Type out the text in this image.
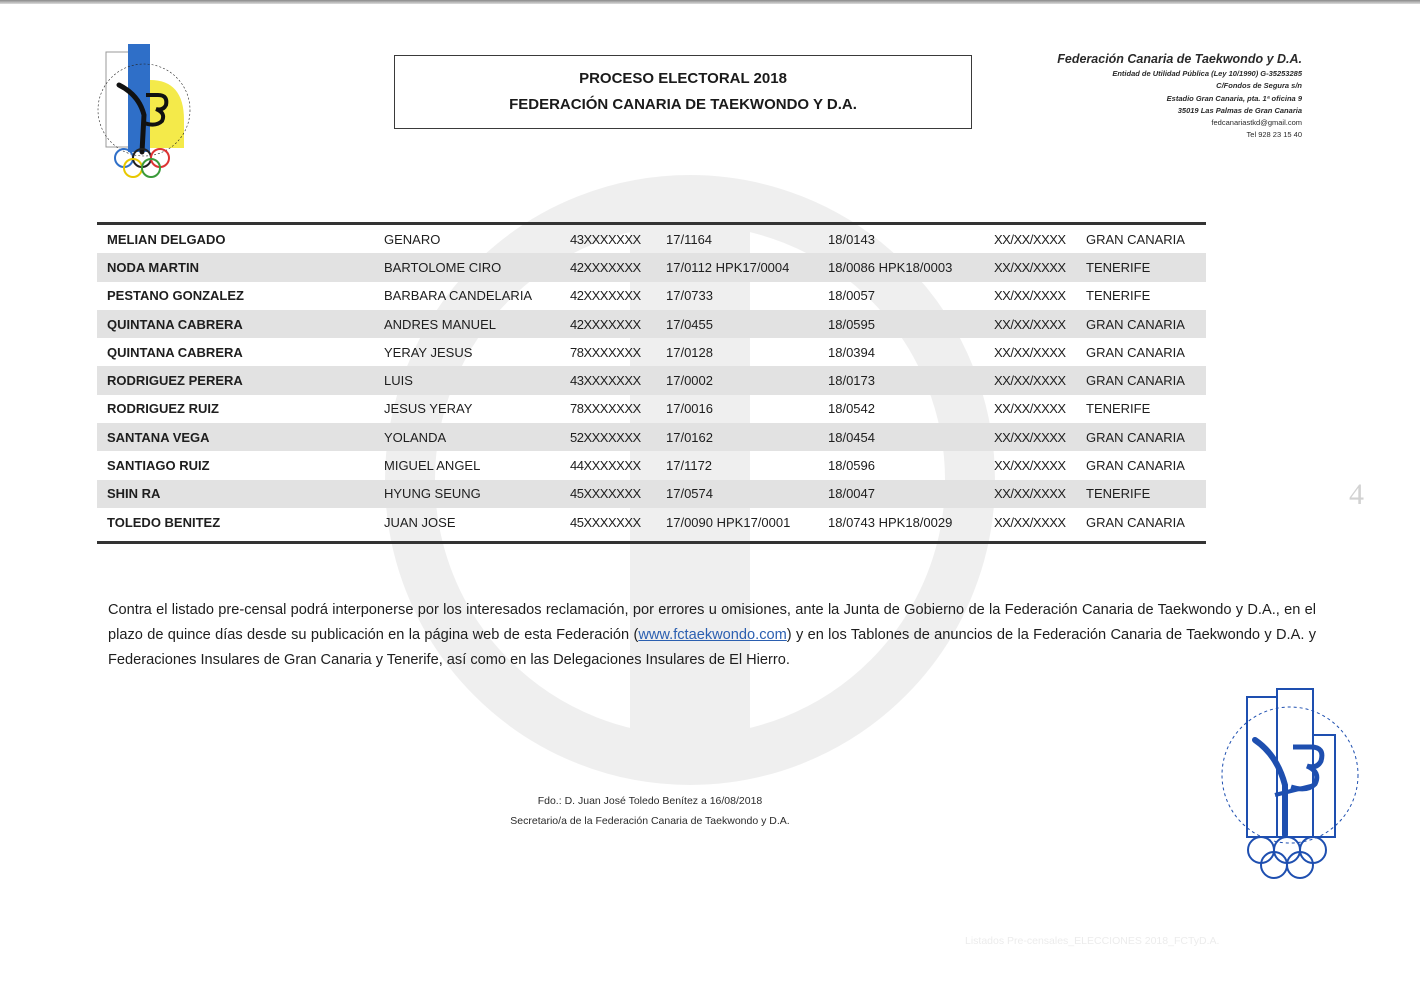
PROCESO ELECTORAL 2018
FEDERACIÓN CANARIA DE TAEKWONDO Y D.A.
Federación Canaria de Taekwondo y D.A.
Entidad de Utilidad Pública (Ley 10/1990) G-35253285
C/Fondos de Segura s/n
Estadio Gran Canaria, pta. 1ª oficina 9
35019 Las Palmas de Gran Canaria
fedcanariastkd@gmail.com
Tel 928 23 15 40
MELIAN DELGADO	GENARO	43XXXXXXX	17/1164	18/0143	XX/XX/XXXX	GRAN CANARIA
NODA MARTIN	BARTOLOME CIRO	42XXXXXXX	17/0112 HPK17/0004	18/0086 HPK18/0003	XX/XX/XXXX	TENERIFE
PESTANO GONZALEZ	BARBARA CANDELARIA	42XXXXXXX	17/0733	18/0057	XX/XX/XXXX	TENERIFE
QUINTANA CABRERA	ANDRES MANUEL	42XXXXXXX	17/0455	18/0595	XX/XX/XXXX	GRAN CANARIA
QUINTANA CABRERA	YERAY JESUS	78XXXXXXX	17/0128	18/0394	XX/XX/XXXX	GRAN CANARIA
RODRIGUEZ PERERA	LUIS	43XXXXXXX	17/0002	18/0173	XX/XX/XXXX	GRAN CANARIA
RODRIGUEZ RUIZ	JESUS YERAY	78XXXXXXX	17/0016	18/0542	XX/XX/XXXX	TENERIFE
SANTANA VEGA	YOLANDA	52XXXXXXX	17/0162	18/0454	XX/XX/XXXX	GRAN CANARIA
SANTIAGO RUIZ	MIGUEL ANGEL	44XXXXXXX	17/1172	18/0596	XX/XX/XXXX	GRAN CANARIA
SHIN RA	HYUNG SEUNG	45XXXXXXX	17/0574	18/0047	XX/XX/XXXX	TENERIFE
TOLEDO BENITEZ	JUAN JOSE	45XXXXXXX	17/0090 HPK17/0001	18/0743 HPK18/0029	XX/XX/XXXX	GRAN CANARIA
Contra el listado pre-censal podrá interponerse por los interesados reclamación, por errores u omisiones, ante la Junta de Gobierno de la Federación Canaria de Taekwondo y D.A., en el plazo de quince días desde su publicación en la página web de esta Federación (www.fctaekwondo.com) y en los Tablones de anuncios de la Federación Canaria de Taekwondo y D.A. y Federaciones Insulares de Gran Canaria y Tenerife, así como en las Delegaciones Insulares de El Hierro.
Fdo.: D. Juan José Toledo Benítez a 16/08/2018
Secretario/a de la Federación Canaria de Taekwondo y D.A.
4
Listados Pre-censales_ELECCIONES 2018_FCTyD.A.
